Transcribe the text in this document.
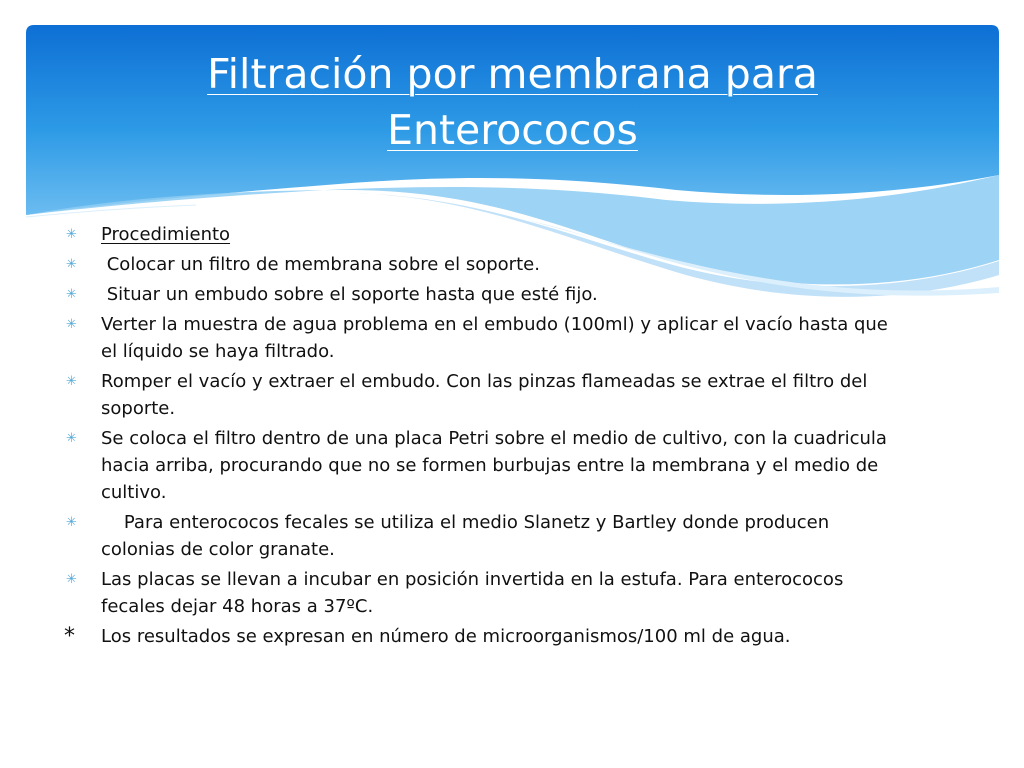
Filtración por membrana para
Enterococos
✳	Procedimiento
✳	Colocar un filtro de membrana sobre el soporte.
✳	Situar un embudo sobre el soporte hasta que esté fijo.
✳	Verter la muestra de agua problema en el embudo (100ml) y aplicar el vacío hasta que el líquido se haya filtrado.
✳	Romper el vacío y extraer el embudo. Con las pinzas flameadas se extrae el filtro del soporte.
✳	Se coloca el filtro dentro de una placa Petri sobre el medio de cultivo, con la cuadricula hacia arriba, procurando que no se formen burbujas entre la membrana y el medio de cultivo.
✳	Para enterococos fecales se utiliza el medio Slanetz y Bartley donde producen colonias de color granate.
✳	Las placas se llevan a incubar en posición invertida en la estufa. Para enterococos fecales dejar 48 horas a 37ºC.
*	Los resultados se expresan en número de microorganismos/100 ml de agua.
